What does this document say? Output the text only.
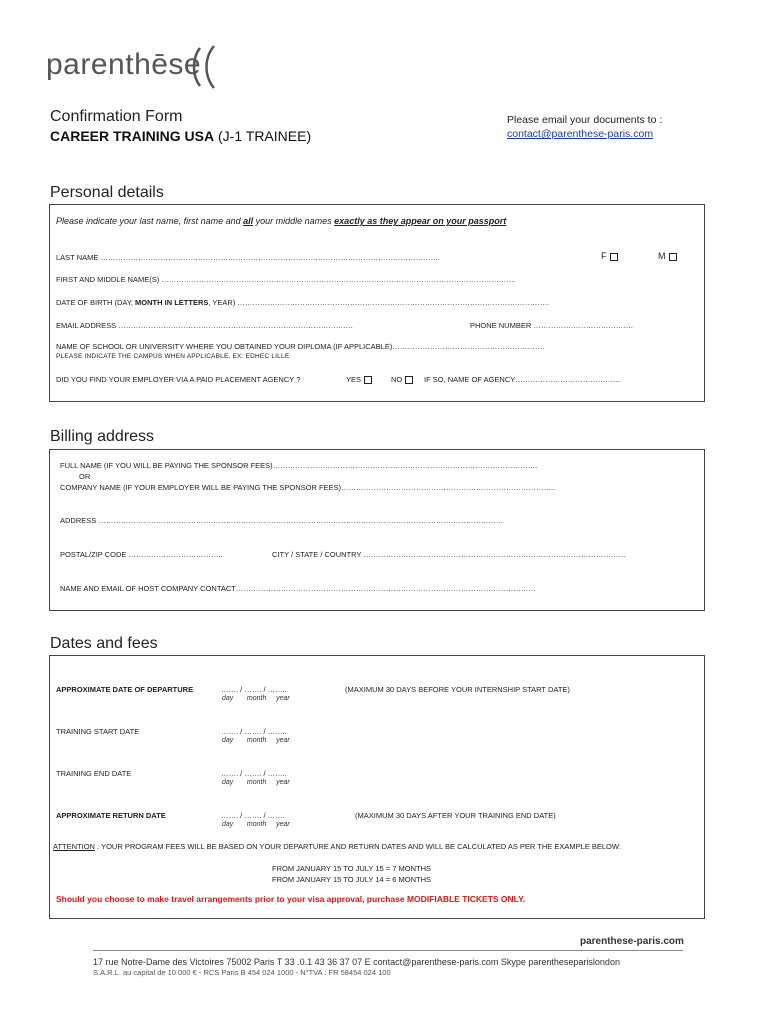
parenthēse
Confirmation Form
CAREER TRAINING USA (J-1 TRAINEE)
Please email your documents to :
contact@parenthese-paris.com
Personal details
Please indicate your last name, first name and all your middle names exactly as they appear on your passport
LAST NAME ……………………………………………………………………………………………………………………….	F	M
FIRST AND MIDDLE NAME(S) …………………………………………………………………………………………………………………………….
DATE OF BIRTH (DAY, MONTH IN LETTERS, YEAR) ……………………………………………………………………………………………………………..
EMAIL ADDRESS ………………………………………………………………………………….	PHONE NUMBER ………………………………….
NAME OF SCHOOL OR UNIVERSITY WHERE YOU OBTAINED YOUR DIPLOMA (IF APPLICABLE)…………………………………………………….
PLEASE INDICATE THE CAMPUS WHEN APPLICABLE, EX: EDHEC LILLE
DID YOU FIND YOUR EMPLOYER VIA A PAID PLACEMENT AGENCY ?	YES	NO	IF SO, NAME OF AGENCY……………………………………
Billing address
FULL NAME (IF YOU WILL BE PAYING THE SPONSOR FEES)…………………………………………………………………………………………….
OR
COMPANY NAME (IF YOUR EMPLOYER WILL BE PAYING THE SPONSOR FEES)…………………………………………………………………………..
ADDRESS ………………………………………………………………………………………………………………………………………………
POSTAL/ZIP CODE ………………………………..	CITY / STATE / COUNTRY ……………………………………………………………………………………………
NAME AND EMAIL OF HOST COMPANY CONTACT…………………………………………………………………………………………………………
Dates and fees
APPROXIMATE DATE OF DEPARTURE	……. / ……. / ……..
day month year
(MAXIMUM 30 DAYS BEFORE YOUR INTERNSHIP START DATE)
TRAINING START DATE	……. / ……. / ……..
day month year
TRAINING END DATE	……. / ……. / ……..
day month year
APPROXIMATE RETURN DATE	……. / ……. / …….
day month year
(MAXIMUM 30 DAYS AFTER YOUR TRAINING END DATE)
ATTENTION : YOUR PROGRAM FEES WILL BE BASED ON YOUR DEPARTURE AND RETURN DATES AND WILL BE CALCULATED AS PER THE EXAMPLE BELOW:
FROM JANUARY 15 TO JULY 15 = 7 MONTHS
FROM JANUARY 15 TO JULY 14 = 6 MONTHS
Should you choose to make travel arrangements prior to your visa approval, purchase MODIFIABLE TICKETS ONLY.
parenthese-paris.com
17 rue Notre-Dame des Victoires 75002 Paris T 33 .0.1 43 36 37 07 E contact@parenthese-paris.com Skype parentheseparislondon
S.A.R.L. au capital de 10 000 € - RCS Paris B 454 024 1000 - N°TVA : FR 58454 024 100
